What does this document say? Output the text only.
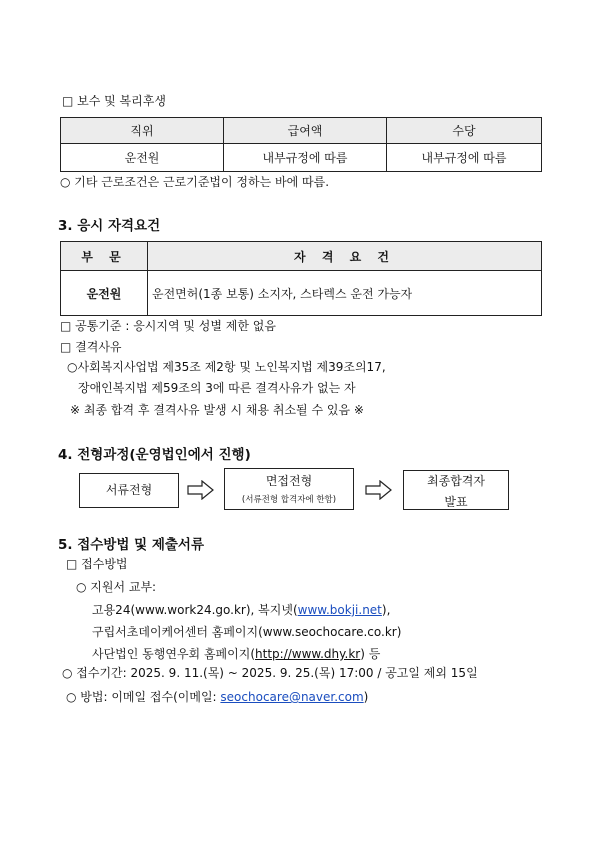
□ 보수 및 복리후생
직위	급여액	수당
운전원	내부규정에 따름	내부규정에 따름
○ 기타 근로조건은 근로기준법이 정하는 바에 따름.
3. 응시 자격요건
부 문	자 격 요 건
운전원	운전면허(1종 보통) 소지자, 스타렉스 운전 가능자
□ 공통기준 : 응시지역 및 성별 제한 없음
□ 결격사유
○사회복지사업법 제35조 제2항 및 노인복지법 제39조의17,
장애인복지법 제59조의 3에 따른 결격사유가 없는 자
※ 최종 합격 후 결격사유 발생 시 채용 취소될 수 있음 ※
4. 전형과정(운영법인에서 진행)
서류전형
면접전형
(서류전형 합격자에 한함)
최종합격자
발표
5. 접수방법 및 제출서류
□ 접수방법
○ 지원서 교부:
고용24(www.work24.go.kr), 복지넷(www.bokji.net),
구립서초데이케어센터 홈페이지(www.seochocare.co.kr)
사단법인 동행연우회 홈페이지(http://www.dhy.kr) 등
○ 접수기간: 2025. 9. 11.(목) ~ 2025. 9. 25.(목) 17:00 / 공고일 제외 15일
○ 방법: 이메일 접수(이메일: seochocare@naver.com)
